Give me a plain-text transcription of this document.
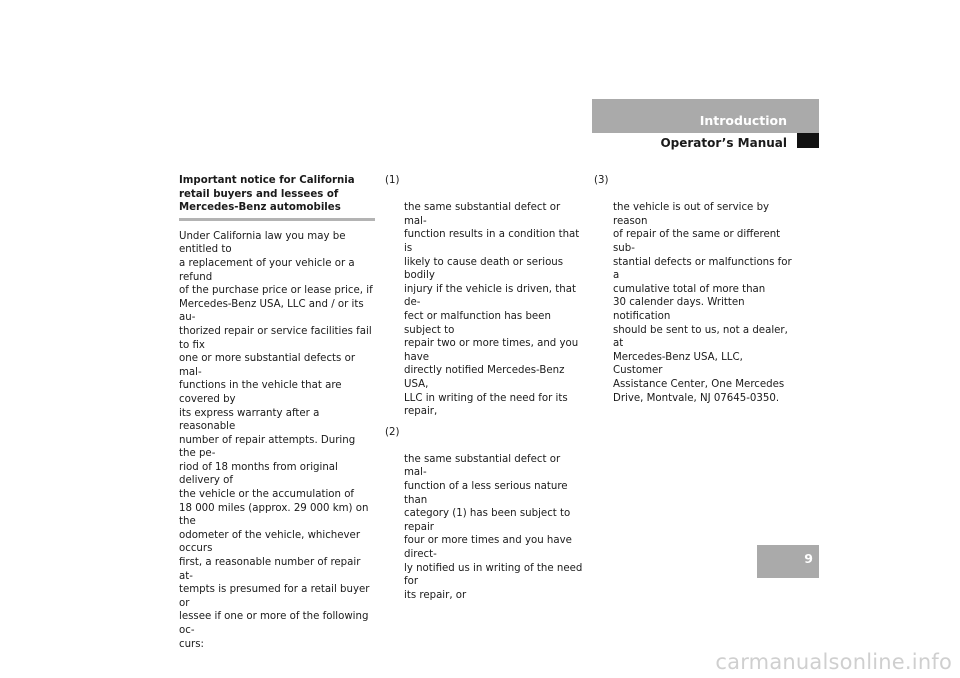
Introduction
Operator’s Manual
Important notice for California
retail buyers and lessees of
Mercedes-Benz automobiles

Under California law you may be entitled to
a replacement of your vehicle or a refund
of the purchase price or lease price, if
Mercedes-Benz USA, LLC and / or its au-
thorized repair or service facilities fail to fix
one or more substantial defects or mal-
functions in the vehicle that are covered by
its express warranty after a reasonable
number of repair attempts. During the pe-
riod of 18 months from original delivery of
the vehicle or the accumulation of
18 000 miles (approx. 29 000 km) on the
odometer of the vehicle, whichever occurs
first, a reasonable number of repair at-
tempts is presumed for a retail buyer or
lessee if one or more of the following oc-
curs:

(1)

the same substantial defect or mal-
function results in a condition that is
likely to cause death or serious bodily
injury if the vehicle is driven, that de-
fect or malfunction has been subject to
repair two or more times, and you have
directly notified Mercedes-Benz USA,
LLC in writing of the need for its repair,

(2)

the same substantial defect or mal-
function of a less serious nature than
category (1) has been subject to repair
four or more times and you have direct-
ly notified us in writing of the need for
its repair, or

(3)

the vehicle is out of service by reason
of repair of the same or different sub-
stantial defects or malfunctions for a
cumulative total of more than
30 calender days. Written notification
should be sent to us, not a dealer, at
Mercedes-Benz USA, LLC, Customer
Assistance Center, One Mercedes
Drive, Montvale, NJ 07645-0350.

9
carmanualsonline.info
